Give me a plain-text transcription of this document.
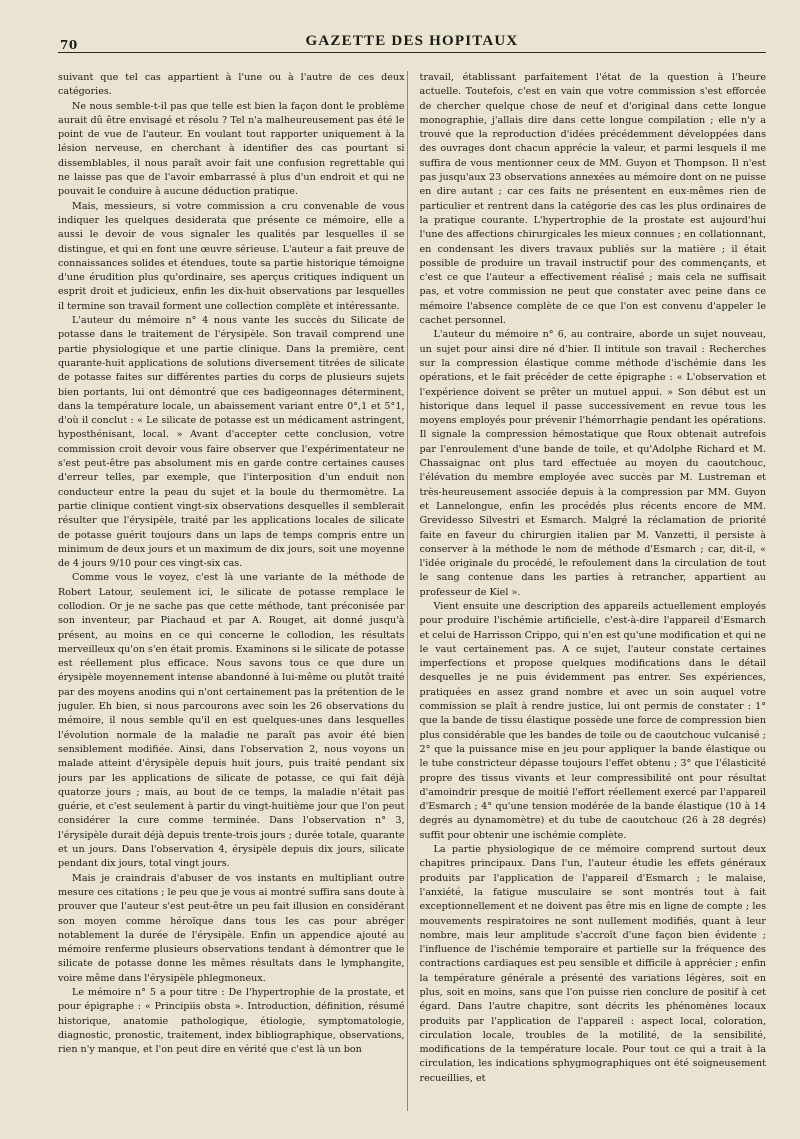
70	GAZETTE DES HOPITAUX

suivant que tel cas appartient à l'une ou à l'autre de ces deux catégories.

Ne nous semble-t-il pas que telle est bien la façon dont le problème aurait dû être envisagé et résolu ? Tel n'a malheureusement pas été le point de vue de l'auteur. En voulant tout rapporter uniquement à la lésion nerveuse, en cherchant à identifier des cas pourtant si dissemblables, il nous paraît avoir fait une confusion regrettable qui ne laisse pas que de l'avoir embarrassé à plus d'un endroit et qui ne pouvait le conduire à aucune déduction pratique.

Mais, messieurs, si votre commission a cru convenable de vous indiquer les quelques desiderata que présente ce mémoire, elle a aussi le devoir de vous signaler les qualités par lesquelles il se distingue, et qui en font une œuvre sérieuse. L'auteur a fait preuve de connaissances solides et étendues, toute sa partie historique témoigne d'une érudition plus qu'ordinaire, ses aperçus critiques indiquent un esprit droit et judicieux, enfin les dix-huit observations par lesquelles il termine son travail forment une collection complète et intéressante.

L'auteur du mémoire n° 4 nous vante les succès du Silicate de potasse dans le traitement de l'érysipèle. Son travail comprend une partie physiologique et une partie clinique. Dans la première, cent quarante-huit applications de solutions diversement titrées de silicate de potasse faites sur différentes parties du corps de plusieurs sujets bien portants, lui ont démontré que ces badigeonnages déterminent, dans la température locale, un abaissement variant entre 0°,1 et 5°1, d'où il conclut : « Le silicate de potasse est un médicament astringent, hyposthénisant, local. » Avant d'accepter cette conclusion, votre commission croit devoir vous faire observer que l'expérimentateur ne s'est peut-être pas absolument mis en garde contre certaines causes d'erreur telles, par exemple, que l'interposition d'un enduit non conducteur entre la peau du sujet et la boule du thermomètre. La partie clinique contient vingt-six observations desquelles il semblerait résulter que l'érysipèle, traité par les applications locales de silicate de potasse guérit toujours dans un laps de temps compris entre un minimum de deux jours et un maximum de dix jours, soit une moyenne de 4 jours 9/10 pour ces vingt-six cas.

Comme vous le voyez, c'est là une variante de la méthode de Robert Latour, seulement ici, le silicate de potasse remplace le collodion. Or je ne sache pas que cette méthode, tant préconisée par son inventeur, par Piachaud et par A. Rouget, ait donné jusqu'à présent, au moins en ce qui concerne le collodion, les résultats merveilleux qu'on s'en était promis. Examinons si le silicate de potasse est réellement plus efficace. Nous savons tous ce que dure un érysipèle moyennement intense abandonné à lui-même ou plutôt traité par des moyens anodins qui n'ont certainement pas la prétention de le juguler. Eh bien, si nous parcourons avec soin les 26 observations du mémoire, il nous semble qu'il en est quelques-unes dans lesquelles l'évolution normale de la maladie ne paraît pas avoir été bien sensiblement modifiée. Ainsi, dans l'observation 2, nous voyons un malade atteint d'érysipèle depuis huit jours, puis traité pendant six jours par les applications de silicate de potasse, ce qui fait déjà quatorze jours ; mais, au bout de ce temps, la maladie n'était pas guérie, et c'est seulement à partir du vingt-huitième jour que l'on peut considérer la cure comme terminée. Dans l'observation n° 3, l'érysipèle durait déjà depuis trente-trois jours ; durée totale, quarante et un jours. Dans l'observation 4, érysipèle depuis dix jours, silicate pendant dix jours, total vingt jours.

Mais je craindrais d'abuser de vos instants en multipliant outre mesure ces citations ; le peu que je vous ai montré suffira sans doute à prouver que l'auteur s'est peut-être un peu fait illusion en considérant son moyen comme héroïque dans tous les cas pour abréger notablement la durée de l'érysipèle. Enfin un appendice ajouté au mémoire renferme plusieurs observations tendant à démontrer que le silicate de potasse donne les mêmes résultats dans le lymphangite, voire même dans l'érysipèle phlegmoneux.

Le mémoire n° 5 a pour titre : De l'hypertrophie de la prostate, et pour épigraphe : « Principiis obsta ». Introduction, définition, résumé historique, anatomie pathologique, étiologie, symptomatologie, diagnostic, pronostic, traitement, index bibliographique, observations, rien n'y manque, et l'on peut dire en vérité que c'est là un bon

travail, établissant parfaitement l'état de la question à l'heure actuelle. Toutefois, c'est en vain que votre commission s'est efforcée de chercher quelque chose de neuf et d'original dans cette longue monographie, j'allais dire dans cette longue compilation ; elle n'y a trouvé que la reproduction d'idées précédemment développées dans des ouvrages dont chacun apprécie la valeur, et parmi lesquels il me suffira de vous mentionner ceux de MM. Guyon et Thompson. Il n'est pas jusqu'aux 23 observations annexées au mémoire dont on ne puisse en dire autant ; car ces faits ne présentent en eux-mêmes rien de particulier et rentrent dans la catégorie des cas les plus ordinaires de la pratique courante. L'hypertrophie de la prostate est aujourd'hui l'une des affections chirurgicales les mieux connues ; en collationnant, en condensant les divers travaux publiés sur la matière ; il était possible de produire un travail instructif pour des commençants, et c'est ce que l'auteur a effectivement réalisé ; mais cela ne suffisait pas, et votre commission ne peut que constater avec peine dans ce mémoire l'absence complète de ce que l'on est convenu d'appeler le cachet personnel.

L'auteur du mémoire n° 6, au contraire, aborde un sujet nouveau, un sujet pour ainsi dire né d'hier. Il intitule son travail : Recherches sur la compression élastique comme méthode d'ischémie dans les opérations, et le fait précéder de cette épigraphe : « L'observation et l'expérience doivent se prêter un mutuel appui. » Son début est un historique dans lequel il passe successivement en revue tous les moyens employés pour prévenir l'hémorrhagie pendant les opérations. Il signale la compression hémostatique que Roux obtenait autrefois par l'enroulement d'une bande de toile, et qu'Adolphe Richard et M. Chassaignac ont plus tard effectuée au moyen du caoutchouc, l'élévation du membre employée avec succès par M. Lustreman et très-heureusement associée depuis à la compression par MM. Guyon et Lannelongue, enfin les procédés plus récents encore de MM. Grevidesso Silvestri et Esmarch. Malgré la réclamation de priorité faite en faveur du chirurgien italien par M. Vanzetti, il persiste à conserver à la méthode le nom de méthode d'Esmarch ; car, dit-il, « l'idée originale du procédé, le refoulement dans la circulation de tout le sang contenue dans les parties à retrancher, appartient au professeur de Kiel ».

Vient ensuite une description des appareils actuellement employés pour produire l'ischémie artificielle, c'est-à-dire l'appareil d'Esmarch et celui de Harrisson Crippo, qui n'en est qu'une modification et qui ne le vaut certainement pas. A ce sujet, l'auteur constate certaines imperfections et propose quelques modifications dans le détail desquelles je ne puis évidemment pas entrer. Ses expériences, pratiquées en assez grand nombre et avec un soin auquel votre commission se plaît à rendre justice, lui ont permis de constater : 1° que la bande de tissu élastique possède une force de compression bien plus considérable que les bandes de toile ou de caoutchouc vulcanisé ; 2° que la puissance mise en jeu pour appliquer la bande élastique ou le tube constricteur dépasse toujours l'effet obtenu ; 3° que l'élasticité propre des tissus vivants et leur compressibilité ont pour résultat d'amoindrir presque de moitié l'effort réellement exercé par l'appareil d'Esmarch ; 4° qu'une tension modérée de la bande élastique (10 à 14 degrés au dynamomètre) et du tube de caoutchouc (26 à 28 degrés) suffit pour obtenir une ischémie complète.

La partie physiologique de ce mémoire comprend surtout deux chapitres principaux. Dans l'un, l'auteur étudie les effets généraux produits par l'application de l'appareil d'Esmarch ; le malaise, l'anxiété, la fatigue musculaire se sont montrés tout à fait exceptionnellement et ne doivent pas être mis en ligne de compte ; les mouvements respiratoires ne sont nullement modifiés, quant à leur nombre, mais leur amplitude s'accroît d'une façon bien évidente ; l'influence de l'ischémie temporaire et partielle sur la fréquence des contractions cardiaques est peu sensible et difficile à apprécier ; enfin la température générale a présenté des variations légères, soit en plus, soit en moins, sans que l'on puisse rien conclure de positif à cet égard. Dans l'autre chapitre, sont décrits les phénomènes locaux produits par l'application de l'appareil : aspect local, coloration, circulation locale, troubles de la motilité, de la sensibilité, modifications de la température locale. Pour tout ce qui a trait à la circulation, les indications sphygmographiques ont été soigneusement recueillies, et
